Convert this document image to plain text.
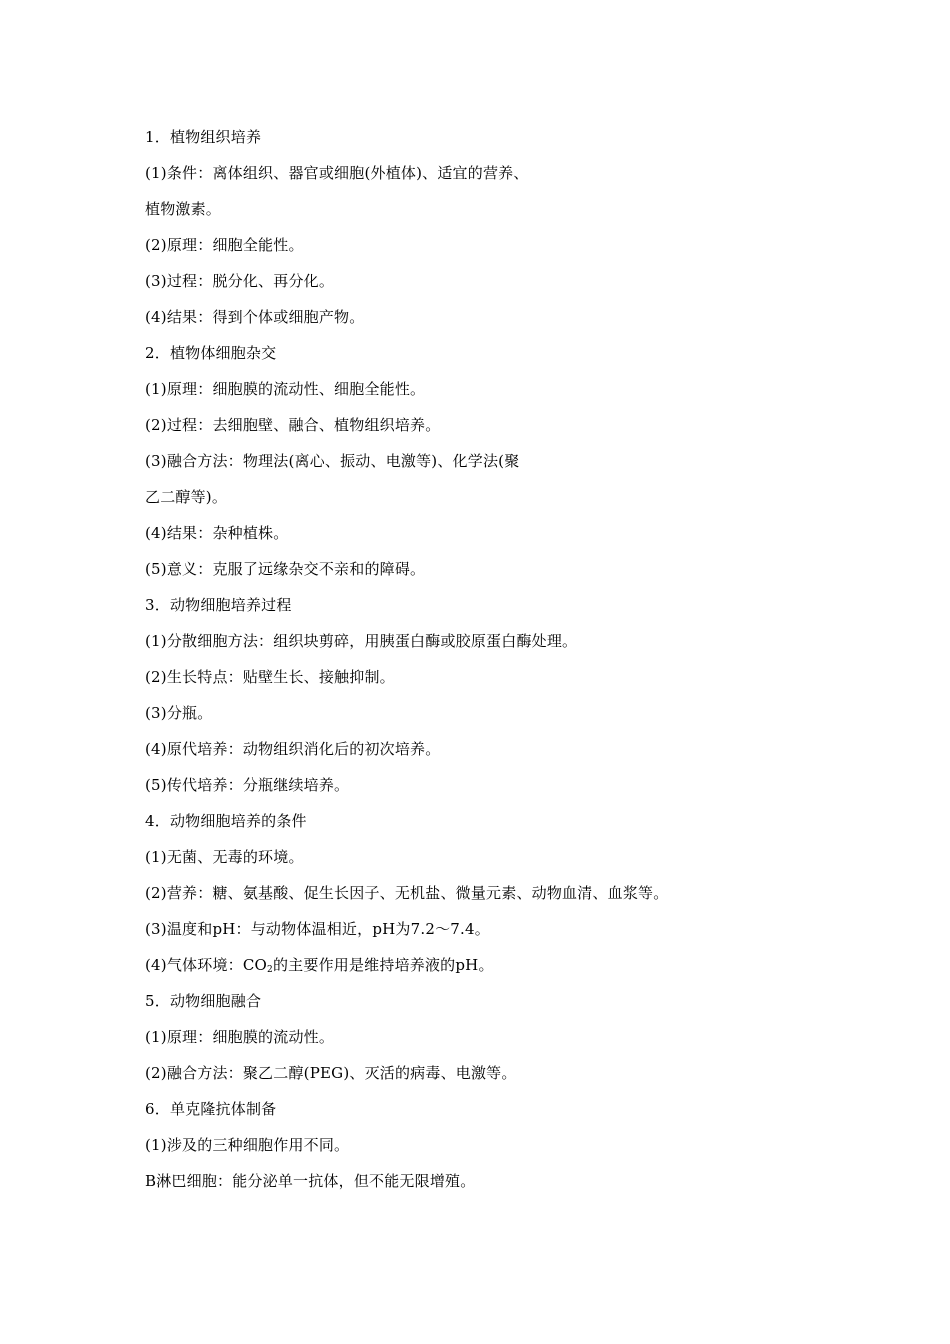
1．植物组织培养
(1)条件：离体组织、器官或细胞(外植体)、适宜的营养、
植物激素。
(2)原理：细胞全能性。
(3)过程：脱分化、再分化。
(4)结果：得到个体或细胞产物。
2．植物体细胞杂交
(1)原理：细胞膜的流动性、细胞全能性。
(2)过程：去细胞壁、融合、植物组织培养。
(3)融合方法：物理法(离心、振动、电激等)、化学法(聚
乙二醇等)。
(4)结果：杂种植株。
(5)意义：克服了远缘杂交不亲和的障碍。
3．动物细胞培养过程
(1)分散细胞方法：组织块剪碎，用胰蛋白酶或胶原蛋白酶处理。
(2)生长特点：贴壁生长、接触抑制。
(3)分瓶。
(4)原代培养：动物组织消化后的初次培养。
(5)传代培养：分瓶继续培养。
4．动物细胞培养的条件
(1)无菌、无毒的环境。
(2)营养：糖、氨基酸、促生长因子、无机盐、微量元素、动物血清、血浆等。
(3)温度和pH：与动物体温相近，pH为7.2～7.4。
(4)气体环境：$CO_2$的主要作用是维持培养液的pH。
5．动物细胞融合
(1)原理：细胞膜的流动性。
(2)融合方法：聚乙二醇(PEG)、灭活的病毒、电激等。
6．单克隆抗体制备
(1)涉及的三种细胞作用不同。
B淋巴细胞：能分泌单一抗体，但不能无限增殖。
